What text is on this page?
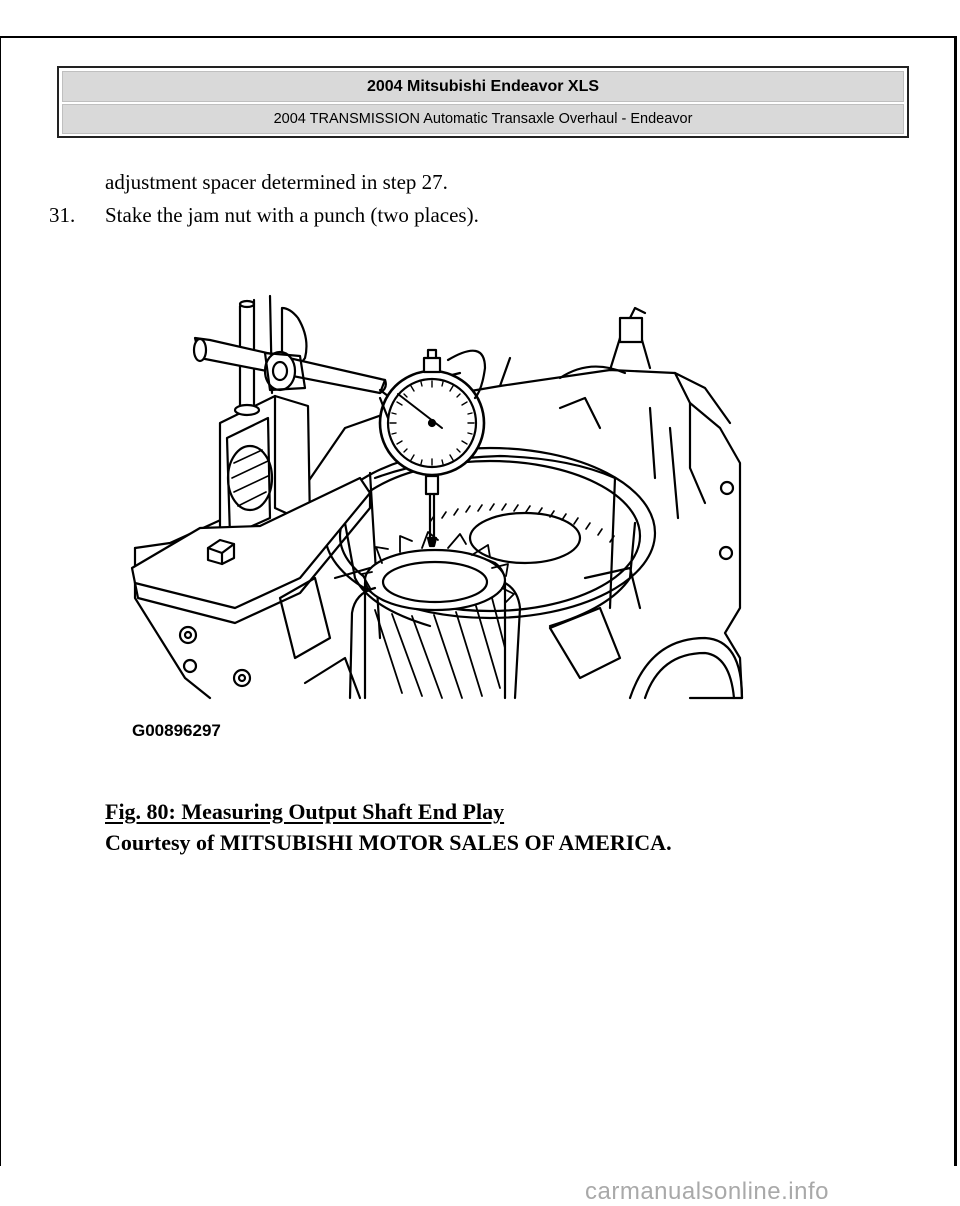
2004 Mitsubishi Endeavor XLS
2004 TRANSMISSION Automatic Transaxle Overhaul - Endeavor
adjustment spacer determined in step 27.
31. Stake the jam nut with a punch (two places).
G00896297
Fig. 80: Measuring Output Shaft End Play
Courtesy of MITSUBISHI MOTOR SALES OF AMERICA.
carmanualsonline.info
